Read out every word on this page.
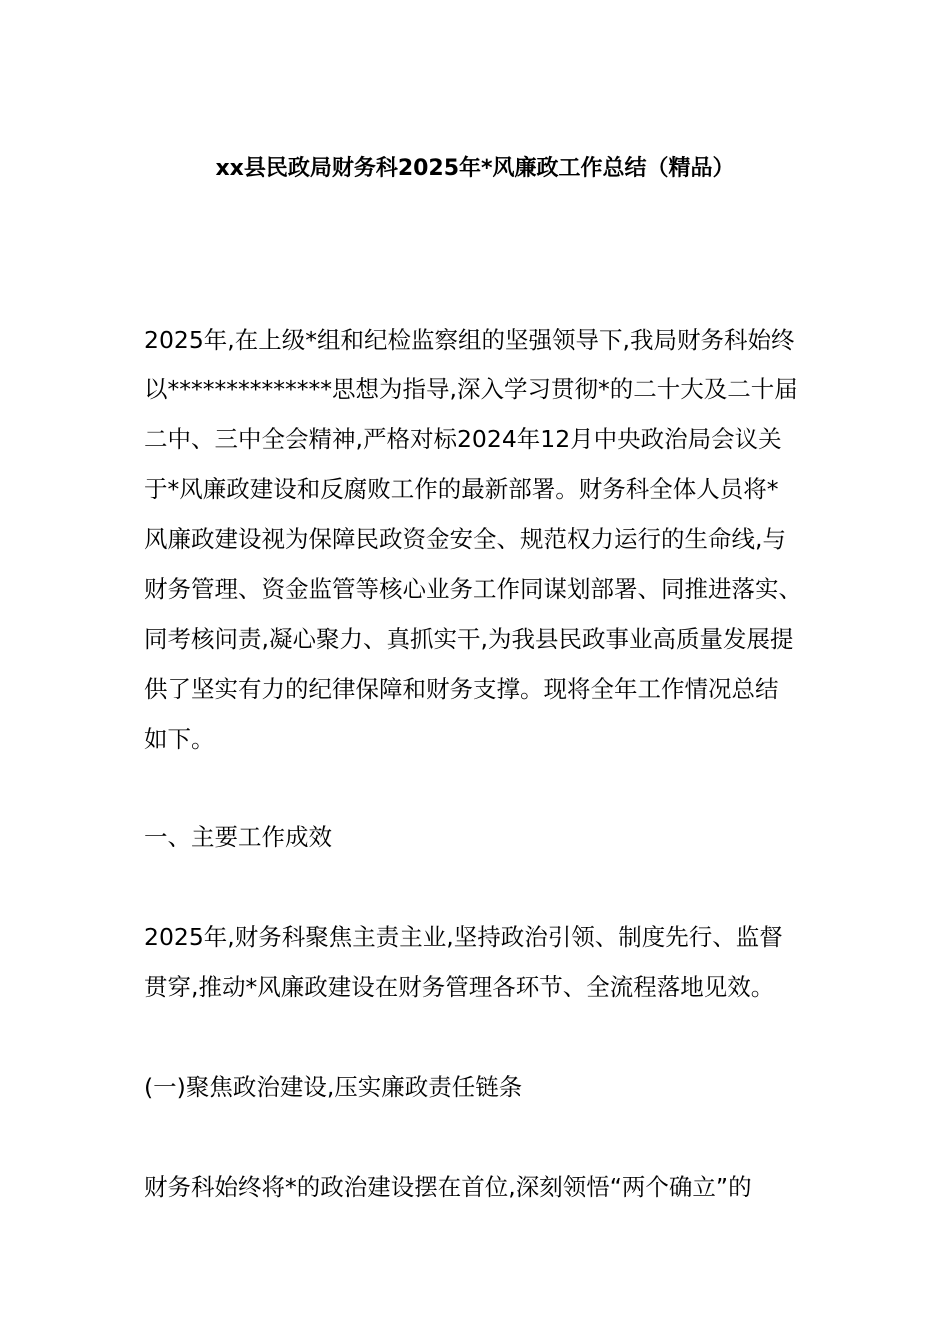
xx县民政局财务科2025年*风廉政工作总结（精品）
2025年,在上级*组和纪检监察组的坚强领导下,我局财务科始终
以**************思想为指导,深入学习贯彻*的二十大及二十届
二中、三中全会精神,严格对标2024年12月中央政治局会议关
于*风廉政建设和反腐败工作的最新部署。财务科全体人员将*
风廉政建设视为保障民政资金安全、规范权力运行的生命线,与
财务管理、资金监管等核心业务工作同谋划部署、同推进落实、
同考核问责,凝心聚力、真抓实干,为我县民政事业高质量发展提
供了坚实有力的纪律保障和财务支撑。现将全年工作情况总结
如下。
一、主要工作成效
2025年,财务科聚焦主责主业,坚持政治引领、制度先行、监督
贯穿,推动*风廉政建设在财务管理各环节、全流程落地见效。
(一)聚焦政治建设,压实廉政责任链条
财务科始终将*的政治建设摆在首位,深刻领悟“两个确立”的
